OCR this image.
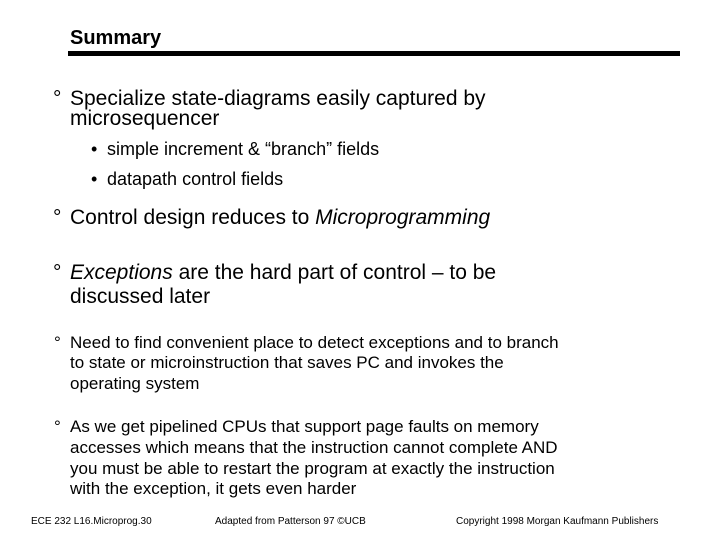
Summary
° Specialize state-diagrams easily captured by
microsequencer
• simple increment & “branch” fields
• datapath control fields
° Control design reduces to Microprogramming
° Exceptions are the hard part of control – to be
discussed later
° Need to find convenient place to detect exceptions and to branch
to state or microinstruction that saves PC and invokes the
operating system
° As we get pipelined CPUs that support page faults on memory
accesses which means that the instruction cannot complete AND
you must be able to restart the program at exactly the instruction
with the exception, it gets even harder
ECE 232 L16.Microprog.30	Adapted from Patterson 97 ©UCB	Copyright 1998 Morgan Kaufmann Publishers
